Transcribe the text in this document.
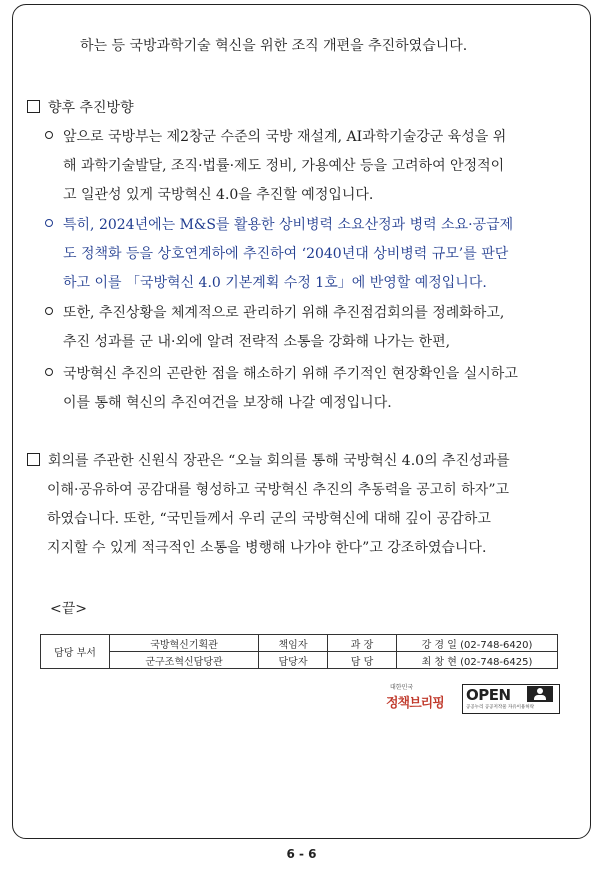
하는 등 국방과학기술 혁신을 위한 조직 개편을 추진하였습니다.
향후 추진방향
앞으로 국방부는 제2창군 수준의 국방 재설계, AI과학기술강군 육성을 위
해 과학기술발달, 조직·법률·제도 정비, 가용예산 등을 고려하여 안정적이
고 일관성 있게 국방혁신 4.0을 추진할 예정입니다.
특히, 2024년에는 M&S를 활용한 상비병력 소요산정과 병력 소요·공급제
도 정책화 등을 상호연계하에 추진하여 ‘2040년대 상비병력 규모’를 판단
하고 이를 「국방혁신 4.0 기본계획 수정 1호」에 반영할 예정입니다.
또한, 추진상황을 체계적으로 관리하기 위해 추진점검회의를 정례화하고,
추진 성과를 군 내·외에 알려 전략적 소통을 강화해 나가는 한편,
국방혁신 추진의 곤란한 점을 해소하기 위해 주기적인 현장확인을 실시하고
이를 통해 혁신의 추진여건을 보장해 나갈 예정입니다.
회의를 주관한 신원식 장관은 “오늘 회의를 통해 국방혁신 4.0의 추진성과를
이해·공유하여 공감대를 형성하고 국방혁신 추진의 추동력을 공고히 하자”고
하였습니다. 또한, “국민들께서 우리 군의 국방혁신에 대해 깊이 공감하고
지지할 수 있게 적극적인 소통을 병행해 나가야 한다”고 강조하였습니다.
<끝>
담당 부서	국방혁신기획관	책임자	과 장	강 경 일 (02-748-6420)
	군구조혁신담당관	담당자	담 당	최 창 현 (02-748-6425)
대한민국
정책브리핑 OPEN
공공누리 공공저작물 자유이용허락
6 - 6
